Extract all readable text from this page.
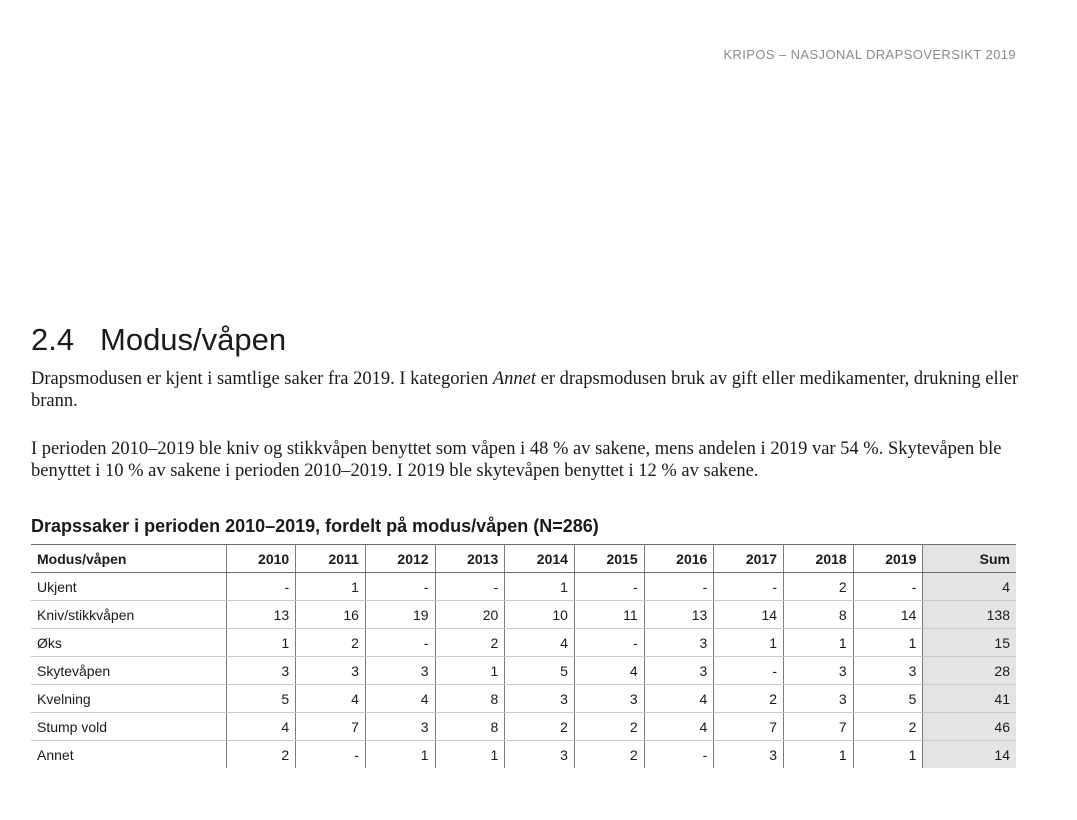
KRIPOS – NASJONAL DRAPSOVERSIKT 2019
2.4 Modus/våpen

Drapsmodusen er kjent i samtlige saker fra 2019. I kategorien Annet er drapsmodusen bruk av gift eller medikamenter, drukning eller brann.

I perioden 2010–2019 ble kniv og stikkvåpen benyttet som våpen i 48 % av sakene, mens andelen i 2019 var 54 %. Skytevåpen ble benyttet i 10 % av sakene i perioden 2010–2019. I 2019 ble skytevåpen benyttet i 12 % av sakene.

Drapssaker i perioden 2010–2019, fordelt på modus/våpen (N=286)
Modus/våpen	2010	2011	2012	2013	2014	2015	2016	2017	2018	2019	Sum
Ukjent	-	1	-	-	1	-	-	-	2	-	4
Kniv/stikkvåpen	13	16	19	20	10	11	13	14	8	14	138
Øks	1	2	-	2	4	-	3	1	1	1	15
Skytevåpen	3	3	3	1	5	4	3	-	3	3	28
Kvelning	5	4	4	8	3	3	4	2	3	5	41
Stump vold	4	7	3	8	2	2	4	7	7	2	46
Annet	2	-	1	1	3	2	-	3	1	1	14
